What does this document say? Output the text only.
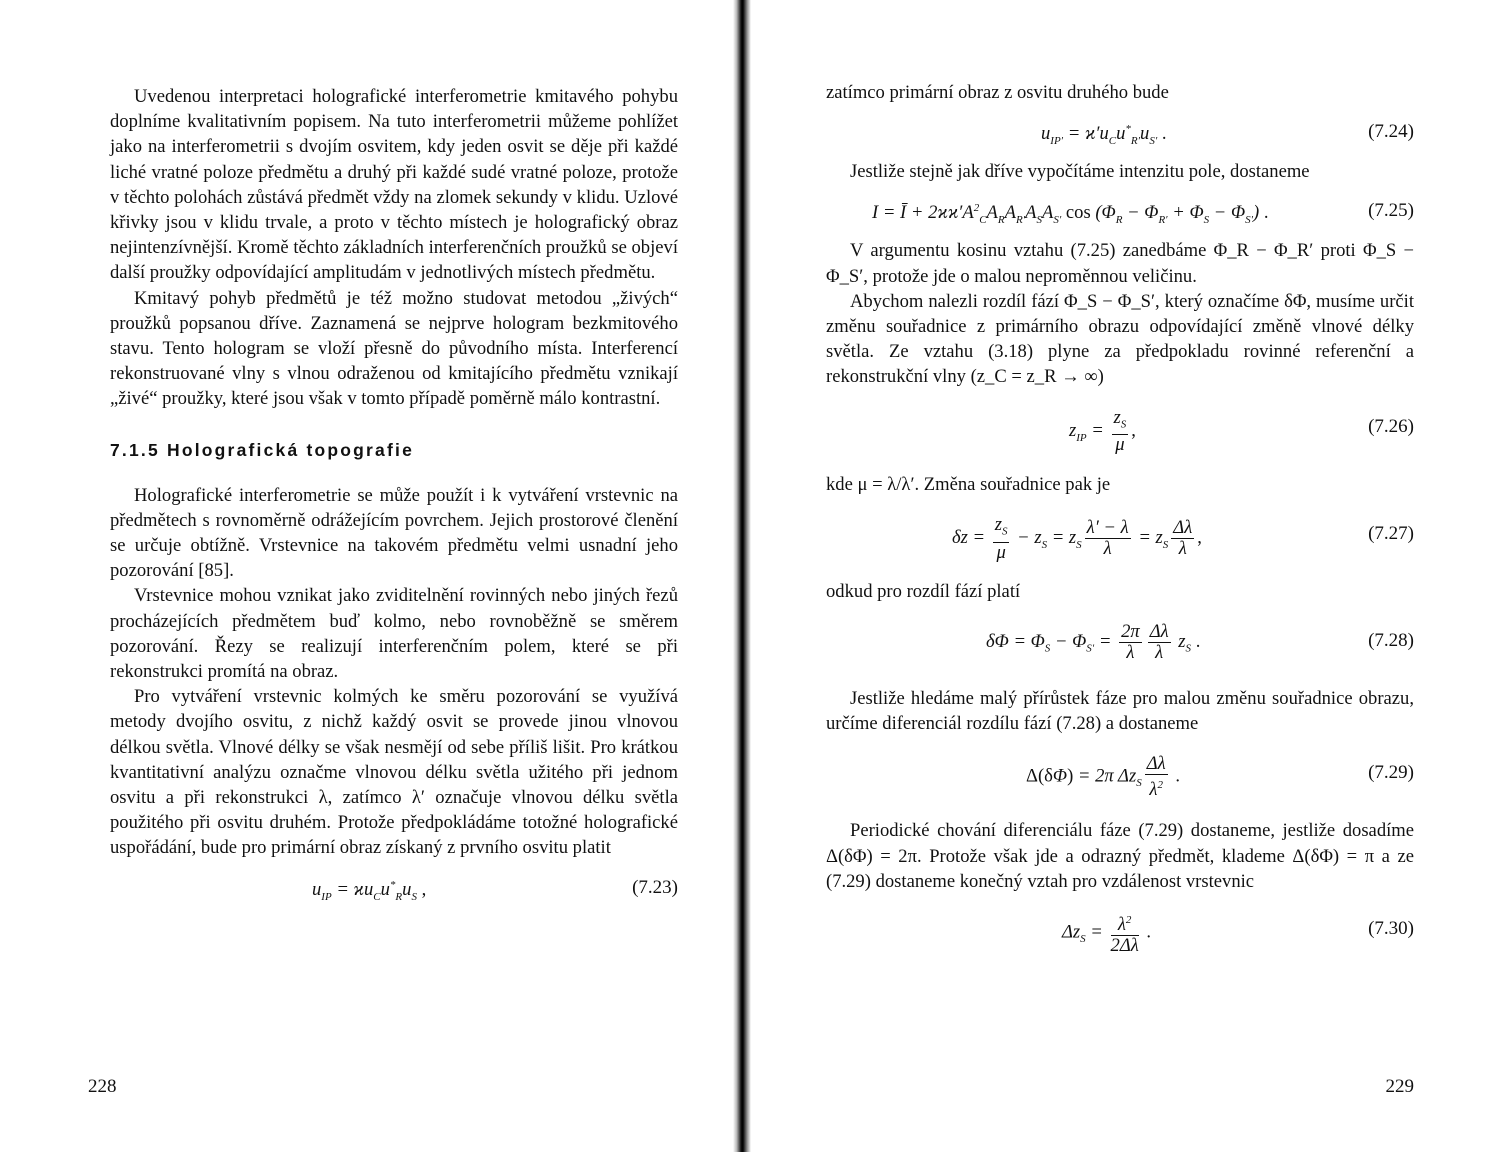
Uvedenou interpretaci holografické interferometrie kmitavého pohybu doplníme kvalitativním popisem. Na tuto interferometrii můžeme pohlížet jako na interferometrii s dvojím osvitem, kdy jeden osvit se děje při každé liché vratné poloze předmětu a druhý při každé sudé vratné poloze, protože v těchto polohách zůstává předmět vždy na zlomek sekundy v klidu. Uzlové křivky jsou v klidu trvale, a proto v těchto místech je holografický obraz nejintenzívnější. Kromě těchto základních interferenčních proužků se objeví další proužky odpovídající amplitudám v jednotlivých místech předmětu.

Kmitavý pohyb předmětů je též možno studovat metodou „živých“ proužků popsanou dříve. Zaznamená se nejprve hologram bezkmitového stavu. Tento hologram se vloží přesně do původního místa. Interferencí rekonstruované vlny s vlnou odraženou od kmitajícího předmětu vznikají „živé“ proužky, které jsou však v tomto případě poměrně málo kontrastní.

7.1.5 Holografická topografie

Holografické interferometrie se může použít i k vytváření vrstevnic na předmětech s rovnoměrně odrážejícím povrchem. Jejich prostorové členění se určuje obtížně. Vrstevnice na takovém předmětu velmi usnadní jeho pozorování [85].

Vrstevnice mohou vznikat jako zviditelnění rovinných nebo jiných řezů procházejících předmětem buď kolmo, nebo rovnoběžně se směrem pozorování. Řezy se realizují interferenčním polem, které se při rekonstrukci promítá na obraz.

Pro vytváření vrstevnic kolmých ke směru pozorování se využívá metody dvojího osvitu, z nichž každý osvit se provede jinou vlnovou délkou světla. Vlnové délky se však nesmějí od sebe příliš lišit. Pro krátkou kvantitativní analýzu označme vlnovou délku světla užitého při jednom osvitu a při rekonstrukci λ, zatímco λ′ označuje vlnovou délku světla použitého při osvitu druhém. Protože předpokládáme totožné holografické uspořádání, bude pro primární obraz získaný z prvního osvitu platit

$u_{IP} = ϰu_Cu^*_Ru_S$ ,	(7.23)
228

zatímco primární obraz z osvitu druhého bude

$u_{IP'} = ϰ'u_Cu^*_{R'}u_{S'}$ .	(7.24)

Jestliže stejně jak dříve vypočítáme intenzitu pole, dostaneme

I = Ī + $2ϰϰ'A^2_CA_RA_{R'}A_SA_{S'}$ $\cos (\Phi_R - \Phi_{R'} + \Phi_S - \Phi_{S'})$ .	(7.25)

V argumentu kosinu vztahu (7.25) zanedbáme Φ_R − Φ_R′ proti Φ_S − Φ_S′, protože jde o malou neproměnnou veličinu.

Abychom nalezli rozdíl fází Φ_S − Φ_S′, který označíme δΦ, musíme určit změnu souřadnice z primárního obrazu odpovídající změně vlnové délky světla. Ze vztahu (3.18) plyne za předpokladu rovinné referenční a rekonstrukční vlny (z_C = z_R → ∞)

$z_{IP} = \frac{z_S}{\mu}$ ,	(7.26)

kde μ = λ/λ′. Změna souřadnice pak je

$\delta z = \frac{z_S}{\mu} - z_S = z_S \frac{\lambda' - \lambda}{\lambda} = z_S \frac{\Delta\lambda}{\lambda}$ ,	(7.27)

odkud pro rozdíl fází platí

$\delta\Phi = \Phi_S - \Phi_{S'} = \frac{2\pi}{\lambda} \frac{\Delta\lambda}{\lambda} z_S$ .	(7.28)

Jestliže hledáme malý přírůstek fáze pro malou změnu souřadnice obrazu, určíme diferenciál rozdílu fází (7.28) a dostaneme

Δ(δΦ) = 2π $\Delta z_S \frac{\Delta\lambda}{\lambda^2}$ .	(7.29)

Periodické chování diferenciálu fáze (7.29) dostaneme, jestliže dosadíme Δ(δΦ) = 2π. Protože však jde a odrazný předmět, klademe Δ(δΦ) = π a ze (7.29) dostaneme konečný vztah pro vzdálenost vrstevnic

$\Delta z_S = \frac{\lambda^2}{2\Delta\lambda}$ .	(7.30)
229
